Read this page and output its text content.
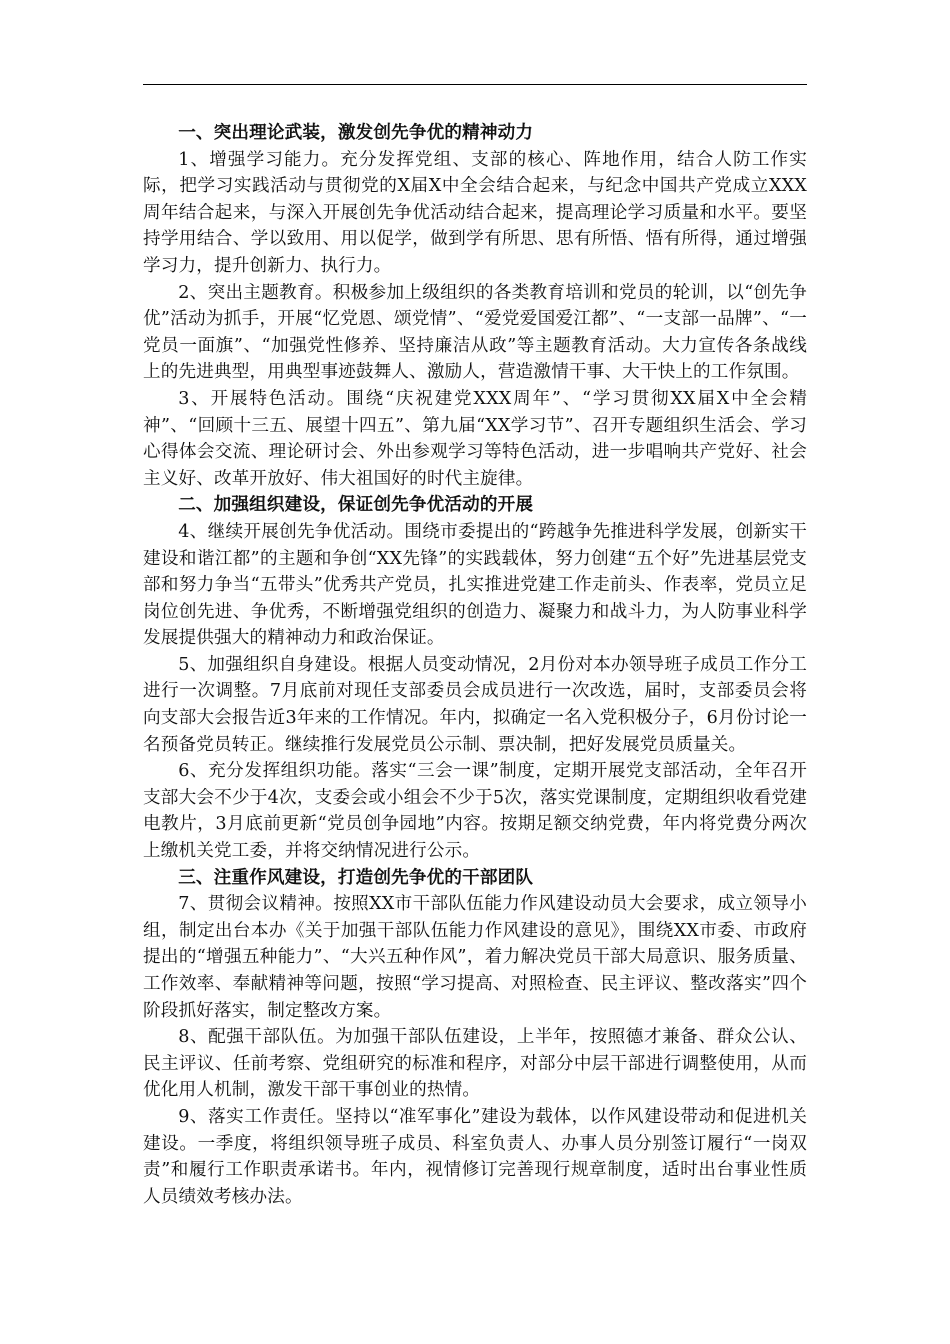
一、突出理论武装，激发创先争优的精神动力

1、增强学习能力。充分发挥党组、支部的核心、阵地作用，结合人防工作实际，把学习实践活动与贯彻党的X届X中全会结合起来，与纪念中国共产党成立XXX周年结合起来，与深入开展创先争优活动结合起来，提高理论学习质量和水平。要坚持学用结合、学以致用、用以促学，做到学有所思、思有所悟、悟有所得，通过增强学习力，提升创新力、执行力。

2、突出主题教育。积极参加上级组织的各类教育培训和党员的轮训，以“创先争优”活动为抓手，开展“忆党恩、颂党情”、“爱党爱国爱江都”、“一支部一品牌”、“一党员一面旗”、“加强党性修养、坚持廉洁从政”等主题教育活动。大力宣传各条战线上的先进典型，用典型事迹鼓舞人、激励人，营造激情干事、大干快上的工作氛围。

3、开展特色活动。围绕“庆祝建党XXX周年”、“学习贯彻XX届X中全会精神”、“回顾十三五、展望十四五”、第九届“XX学习节”、召开专题组织生活会、学习心得体会交流、理论研讨会、外出参观学习等特色活动，进一步唱响共产党好、社会主义好、改革开放好、伟大祖国好的时代主旋律。

二、加强组织建设，保证创先争优活动的开展

4、继续开展创先争优活动。围绕市委提出的“跨越争先推进科学发展，创新实干建设和谐江都”的主题和争创“XX先锋”的实践载体，努力创建“五个好”先进基层党支部和努力争当“五带头”优秀共产党员，扎实推进党建工作走前头、作表率，党员立足岗位创先进、争优秀，不断增强党组织的创造力、凝聚力和战斗力，为人防事业科学发展提供强大的精神动力和政治保证。

5、加强组织自身建设。根据人员变动情况，2月份对本办领导班子成员工作分工进行一次调整。7月底前对现任支部委员会成员进行一次改选，届时，支部委员会将向支部大会报告近3年来的工作情况。年内，拟确定一名入党积极分子，6月份讨论一名预备党员转正。继续推行发展党员公示制、票决制，把好发展党员质量关。

6、充分发挥组织功能。落实“三会一课”制度，定期开展党支部活动，全年召开支部大会不少于4次，支委会或小组会不少于5次，落实党课制度，定期组织收看党建电教片，3月底前更新“党员创争园地”内容。按期足额交纳党费，年内将党费分两次上缴机关党工委，并将交纳情况进行公示。

三、注重作风建设，打造创先争优的干部团队

7、贯彻会议精神。按照XX市干部队伍能力作风建设动员大会要求，成立领导小组，制定出台本办《关于加强干部队伍能力作风建设的意见》，围绕XX市委、市政府提出的“增强五种能力”、“大兴五种作风”，着力解决党员干部大局意识、服务质量、工作效率、奉献精神等问题，按照“学习提高、对照检查、民主评议、整改落实”四个阶段抓好落实，制定整改方案。

8、配强干部队伍。为加强干部队伍建设，上半年，按照德才兼备、群众公认、民主评议、任前考察、党组研究的标准和程序，对部分中层干部进行调整使用，从而优化用人机制，激发干部干事创业的热情。

9、落实工作责任。坚持以“准军事化”建设为载体，以作风建设带动和促进机关建设。一季度，将组织领导班子成员、科室负责人、办事人员分别签订履行“一岗双责”和履行工作职责承诺书。年内，视情修订完善现行规章制度，适时出台事业性质人员绩效考核办法。
